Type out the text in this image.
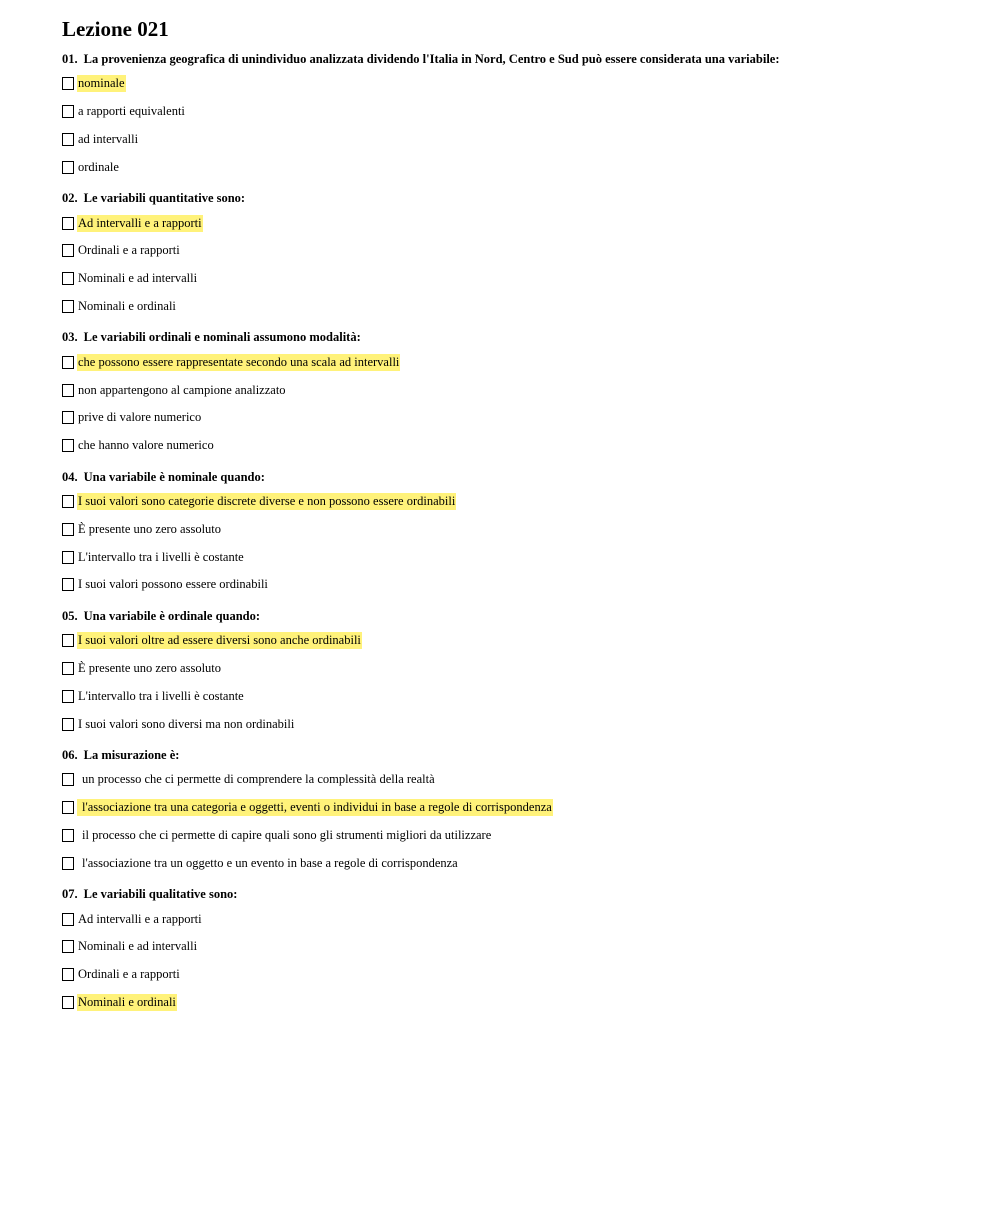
Lezione 021
01. La provenienza geografica di unindividuo analizzata dividendo l'Italia in Nord, Centro e Sud può essere considerata una variabile:
nominale
a rapporti equivalenti
ad intervalli
ordinale
02. Le variabili quantitative sono:
Ad intervalli e a rapporti
Ordinali e a rapporti
Nominali e ad intervalli
Nominali e ordinali
03. Le variabili ordinali e nominali assumono modalità:
che possono essere rappresentate secondo una scala ad intervalli
non appartengono al campione analizzato
prive di valore numerico
che hanno valore numerico
04. Una variabile è nominale quando:
I suoi valori sono categorie discrete diverse e non possono essere ordinabili
È presente uno zero assoluto
L'intervallo tra i livelli è costante
I suoi valori possono essere ordinabili
05. Una variabile è ordinale quando:
I suoi valori oltre ad essere diversi sono anche ordinabili
È presente uno zero assoluto
L'intervallo tra i livelli è costante
I suoi valori sono diversi ma non ordinabili
06. La misurazione è:
un processo che ci permette di comprendere la complessità della realtà
l'associazione tra una categoria e oggetti, eventi o individui in base a regole di corrispondenza
il processo che ci permette di capire quali sono gli strumenti migliori da utilizzare
l'associazione tra un oggetto e un evento in base a regole di corrispondenza
07. Le variabili qualitative sono:
Ad intervalli e a rapporti
Nominali e ad intervalli
Ordinali e a rapporti
Nominali e ordinali
